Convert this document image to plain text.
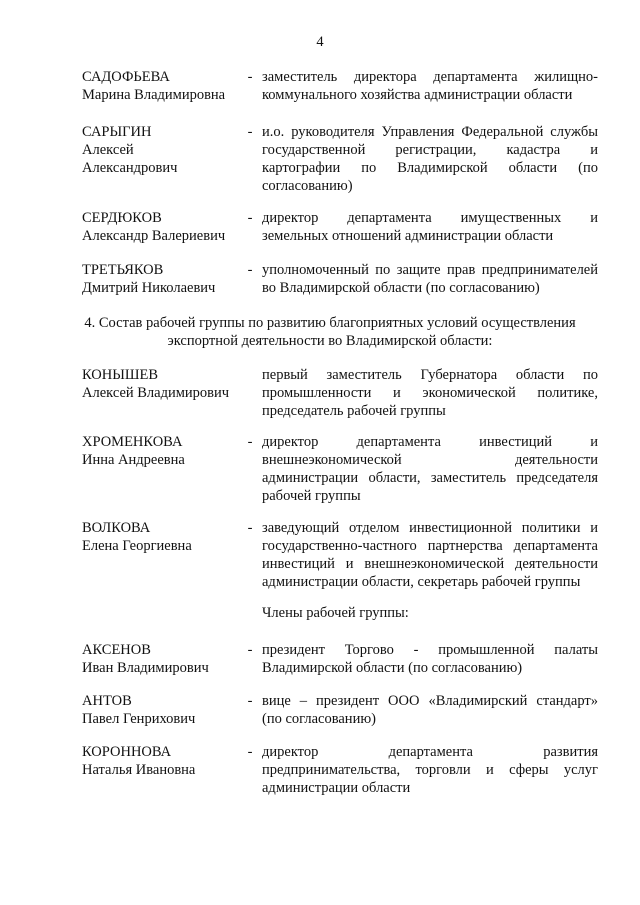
4
САДОФЬЕВА
Марина Владимировна
- заместитель директора департамента жилищно-
коммунального хозяйства администрации области
САРЫГИН
Алексей
Александрович
- и.о. руководителя Управления Федеральной службы
государственной регистрации, кадастра и
картографии по Владимирской области (по
согласованию)
СЕРДЮКОВ
Александр Валериевич
- директор департамента имущественных и
земельных отношений администрации области
ТРЕТЬЯКОВ
Дмитрий Николаевич
- уполномоченный по защите прав предпринимателей
во Владимирской области (по согласованию)
4. Состав рабочей группы по развитию благоприятных условий осуществления
экспортной деятельности во Владимирской области:
КОНЫШЕВ
Алексей Владимирович
первый заместитель Губернатора области по
промышленности и экономической политике,
председатель рабочей группы
ХРОМЕНКОВА
Инна Андреевна
- директор департамента инвестиций и
внешнеэкономической деятельности
администрации области, заместитель председателя
рабочей группы
ВОЛКОВА
Елена Георгиевна
- заведующий отделом инвестиционной политики и
государственно-частного партнерства департамента
инвестиций и внешнеэкономической деятельности
администрации области, секретарь рабочей группы
Члены рабочей группы:
АКСЕНОВ
Иван Владимирович
- президент Торгово - промышленной палаты
Владимирской области (по согласованию)
АНТОВ
Павел Генрихович
- вице – президент ООО «Владимирский стандарт»
(по согласованию)
КОРОННОВА
Наталья Ивановна
- директор департамента развития
предпринимательства, торговли и сферы услуг
администрации области
